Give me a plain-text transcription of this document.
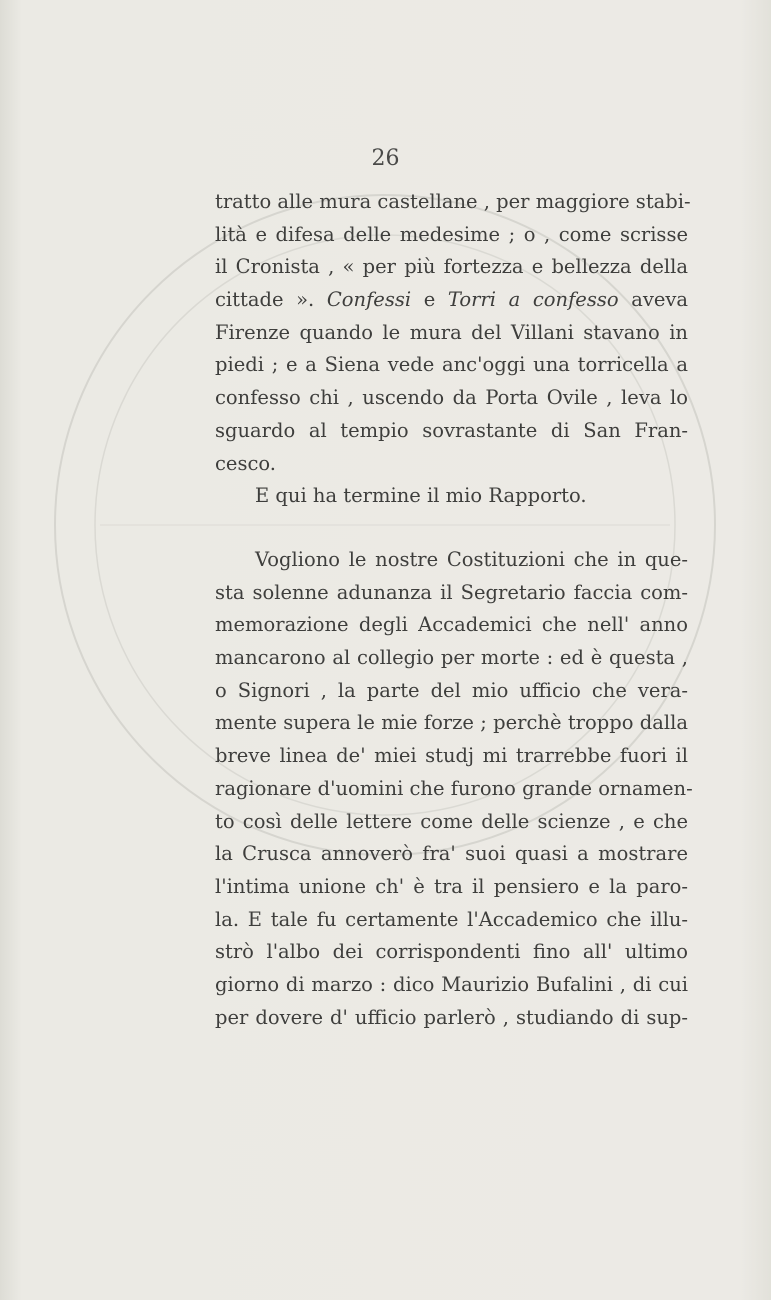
26
tratto alle mura castellane , per maggiore stabi-
lità e difesa delle medesime ; o , come scrisse
il Cronista , « per più fortezza e bellezza della
cittade ». Confessi e Torri a confesso aveva
Firenze quando le mura del Villani stavano in
piedi ; e a Siena vede anc'oggi una torricella a
confesso chi , uscendo da Porta Ovile , leva lo
sguardo al tempio sovrastante di San Fran-
cesco.
E qui ha termine il mio Rapporto.
Vogliono le nostre Costituzioni che in que-
sta solenne adunanza il Segretario faccia com-
memorazione degli Accademici che nell' anno
mancarono al collegio per morte : ed è questa ,
o Signori , la parte del mio ufficio che vera-
mente supera le mie forze ; perchè troppo dalla
breve linea de' miei studj mi trarrebbe fuori il
ragionare d'uomini che furono grande ornamen-
to così delle lettere come delle scienze , e che
la Crusca annoverò fra' suoi quasi a mostrare
l'intima unione ch' è tra il pensiero e la paro-
la. E tale fu certamente l'Accademico che illu-
strò l'albo dei corrispondenti fino all' ultimo
giorno di marzo : dico Maurizio Bufalini , di cui
per dovere d' ufficio parlerò , studiando di sup-
